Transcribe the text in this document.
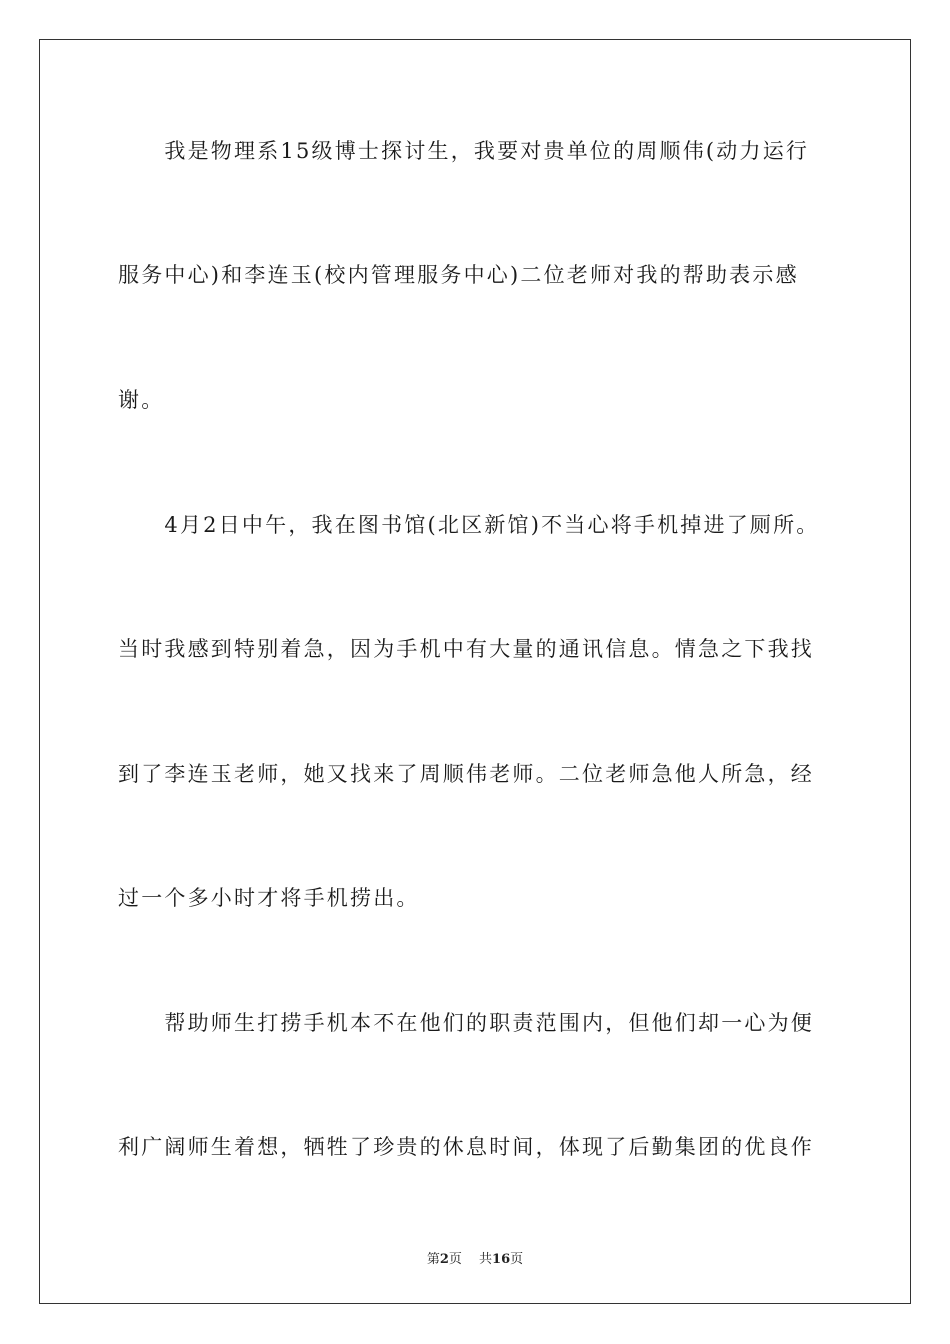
　　我是物理系15级博士探讨生，我要对贵单位的周顺伟(动力运行
服务中心)和李连玉(校内管理服务中心)二位老师对我的帮助表示感
谢。
　　4月2日中午，我在图书馆(北区新馆)不当心将手机掉进了厕所。
当时我感到特别着急，因为手机中有大量的通讯信息。情急之下我找
到了李连玉老师，她又找来了周顺伟老师。二位老师急他人所急，经
过一个多小时才将手机捞出。
　　帮助师生打捞手机本不在他们的职责范围内，但他们却一心为便
利广阔师生着想，牺牲了珍贵的休息时间，体现了后勤集团的优良作
第2页　 共16页
